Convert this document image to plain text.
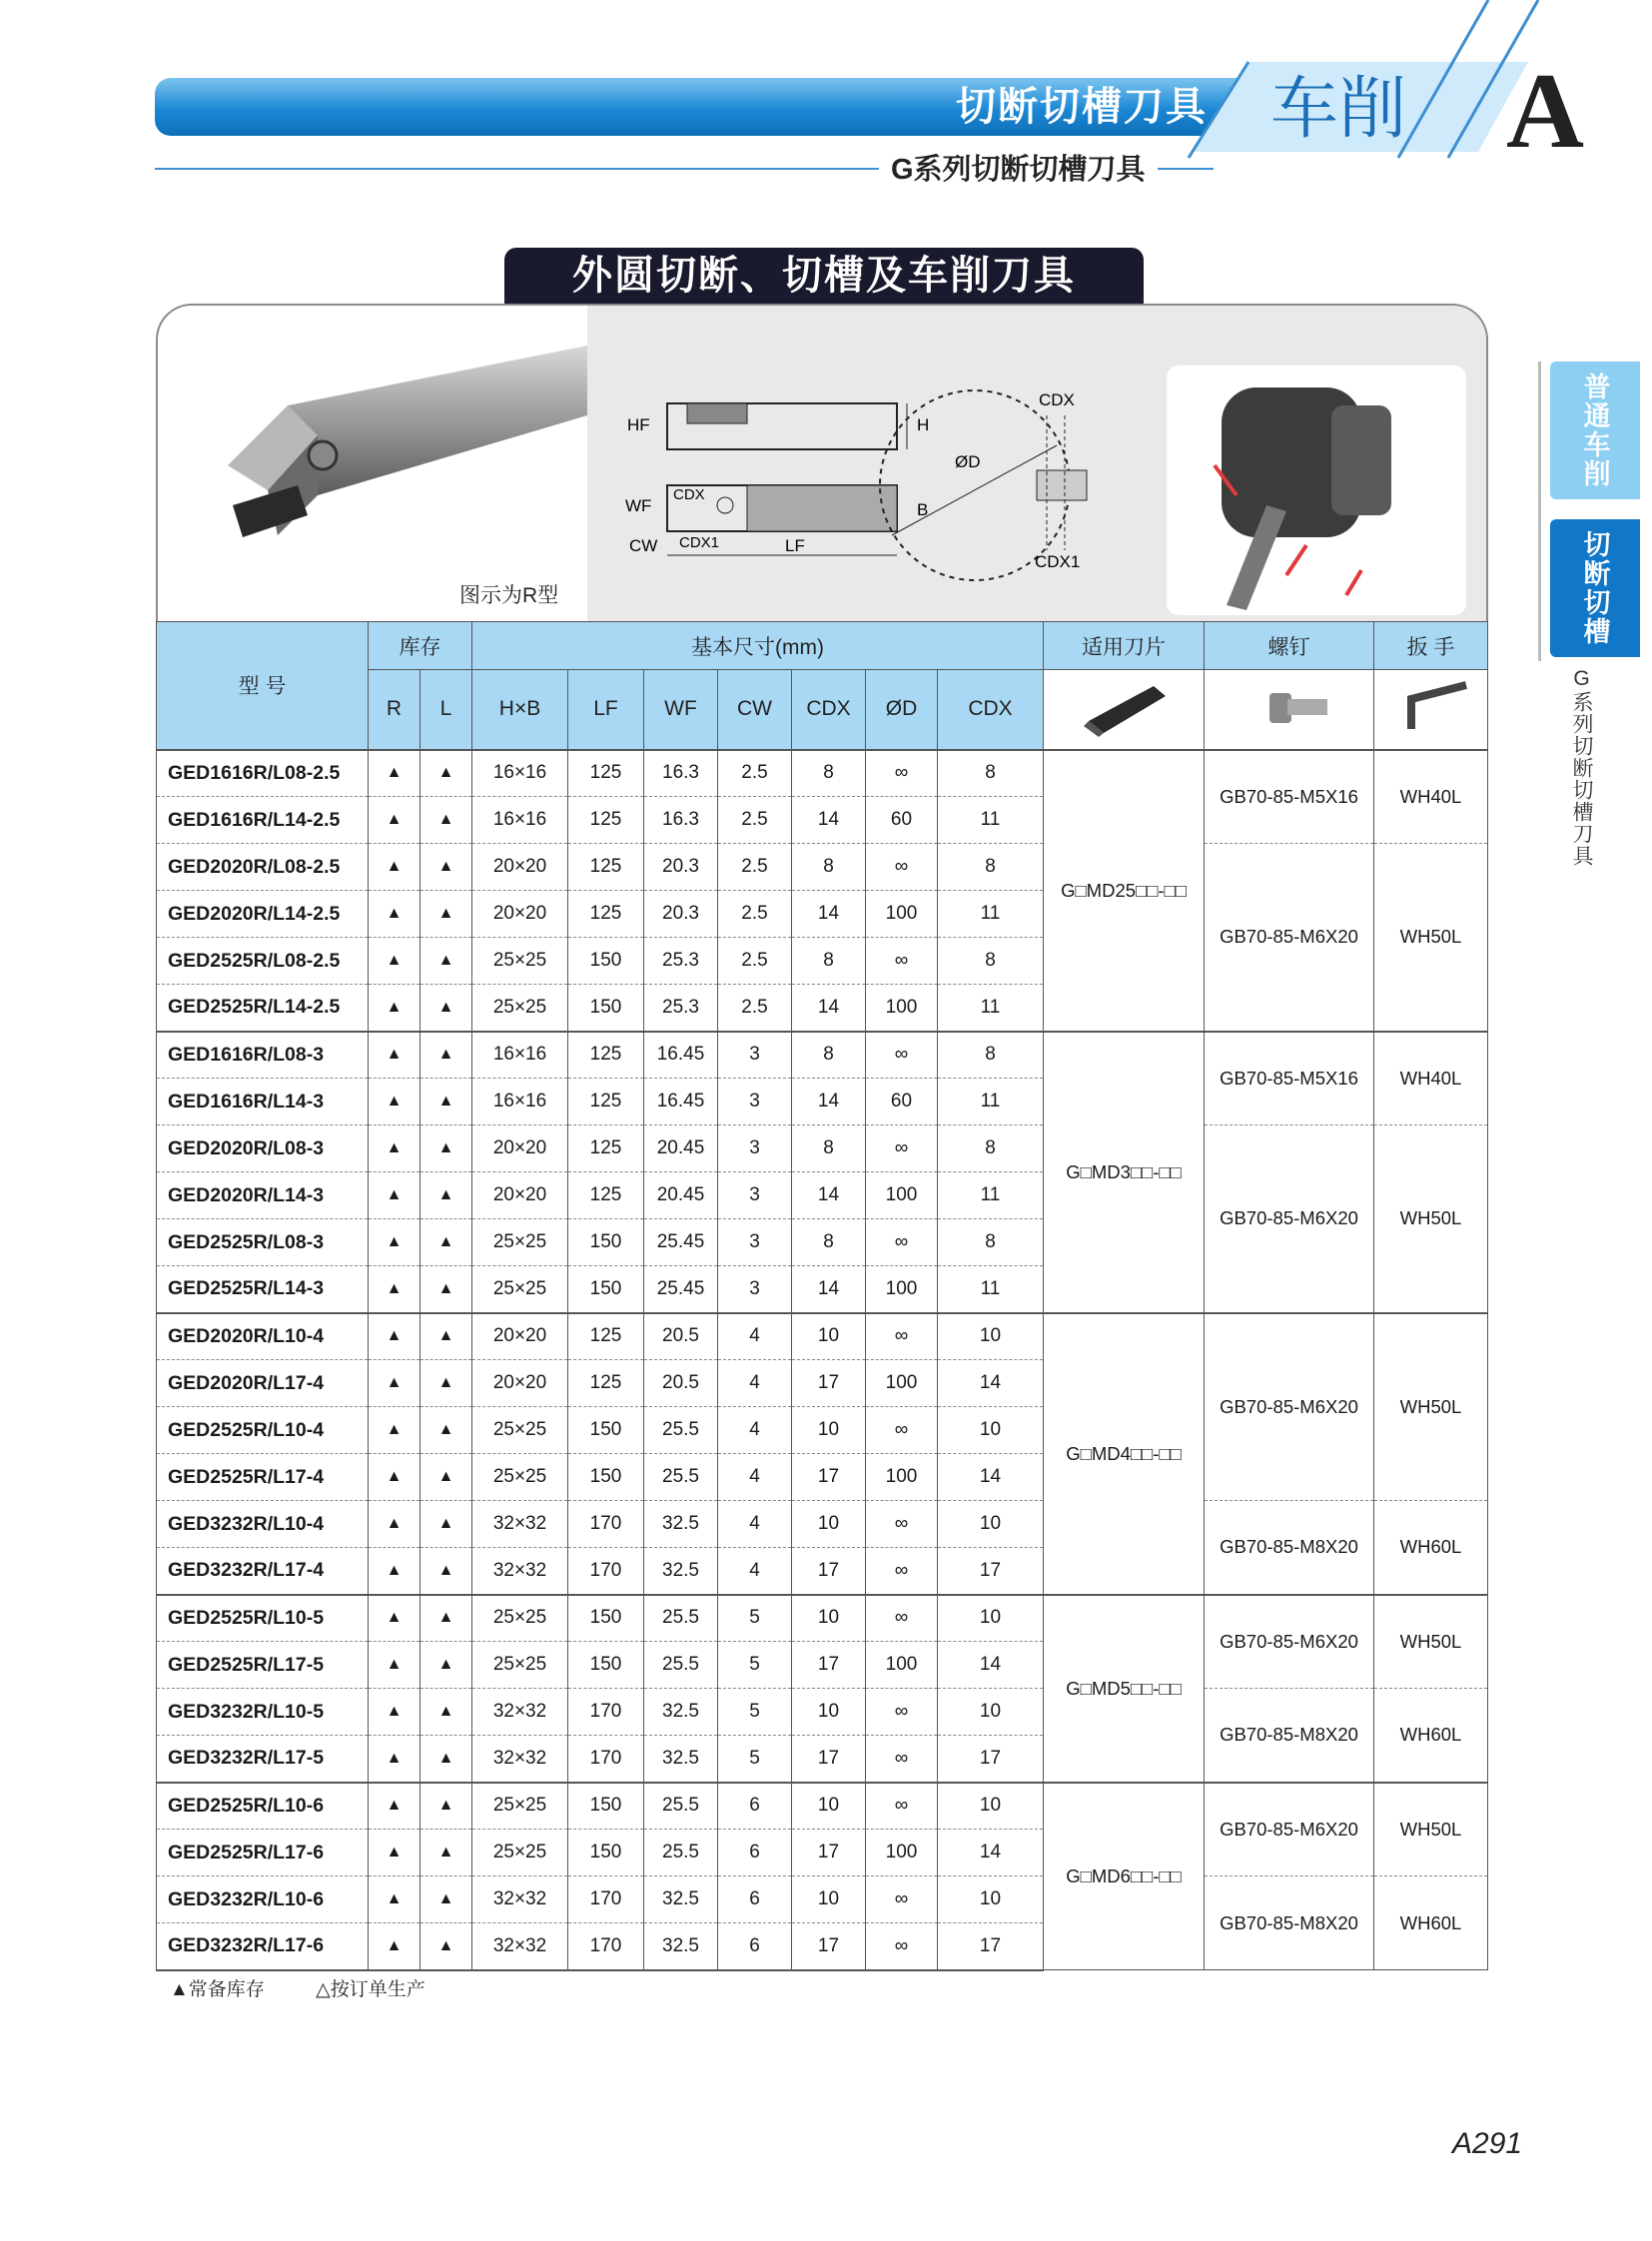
切断切槽刀具 车削 A
G系列切断切槽刀具
普通车削
切断切槽
G系列切断切槽刀具
外圆切断、切槽及车削刀具
HF	H
CDX
WF	B
CW CDX1	LF
ØD
CDX
CDX1
图示为R型
型 号	库存		基本尺寸(mm)							适用刀片	螺钉	扳 手
	R	L	H×B	LF	WF	CW	CDX	ØD	CDX			
GED1616R/L08-2.5	▲	▲	16×16	125	16.3	2.5	8	∞	8	G□MD25□□-□□	GB70-85-M5X16	WH40L
GED1616R/L14-2.5	▲	▲	16×16	125	16.3	2.5	14	60	11			
GED2020R/L08-2.5	▲	▲	20×20	125	20.3	2.5	8	∞	8		GB70-85-M6X20	WH50L
GED2020R/L14-2.5	▲	▲	20×20	125	20.3	2.5	14	100	11			
GED2525R/L08-2.5	▲	▲	25×25	150	25.3	2.5	8	∞	8			
GED2525R/L14-2.5	▲	▲	25×25	150	25.3	2.5	14	100	11			
GED1616R/L08-3	▲	▲	16×16	125	16.45	3	8	∞	8	G□MD3□□-□□	GB70-85-M5X16	WH40L
GED1616R/L14-3	▲	▲	16×16	125	16.45	3	14	60	11			
GED2020R/L08-3	▲	▲	20×20	125	20.45	3	8	∞	8		GB70-85-M6X20	WH50L
GED2020R/L14-3	▲	▲	20×20	125	20.45	3	14	100	11			
GED2525R/L08-3	▲	▲	25×25	150	25.45	3	8	∞	8			
GED2525R/L14-3	▲	▲	25×25	150	25.45	3	14	100	11			
GED2020R/L10-4	▲	▲	20×20	125	20.5	4	10	∞	10	G□MD4□□-□□	GB70-85-M6X20	WH50L
GED2020R/L17-4	▲	▲	20×20	125	20.5	4	17	100	14			
GED2525R/L10-4	▲	▲	25×25	150	25.5	4	10	∞	10			
GED2525R/L17-4	▲	▲	25×25	150	25.5	4	17	100	14			
GED3232R/L10-4	▲	▲	32×32	170	32.5	4	10	∞	10		GB70-85-M8X20	WH60L
GED3232R/L17-4	▲	▲	32×32	170	32.5	4	17	∞	17			
GED2525R/L10-5	▲	▲	25×25	150	25.5	5	10	∞	10	G□MD5□□-□□	GB70-85-M6X20	WH50L
GED2525R/L17-5	▲	▲	25×25	150	25.5	5	17	100	14			
GED3232R/L10-5	▲	▲	32×32	170	32.5	5	10	∞	10		GB70-85-M8X20	WH60L
GED3232R/L17-5	▲	▲	32×32	170	32.5	5	17	∞	17			
GED2525R/L10-6	▲	▲	25×25	150	25.5	6	10	∞	10	G□MD6□□-□□	GB70-85-M6X20	WH50L
GED2525R/L17-6	▲	▲	25×25	150	25.5	6	17	100	14			
GED3232R/L10-6	▲	▲	32×32	170	32.5	6	10	∞	10		GB70-85-M8X20	WH60L
GED3232R/L17-6	▲	▲	32×32	170	32.5	6	17	∞	17			
▲常备库存	△按订单生产
A291
